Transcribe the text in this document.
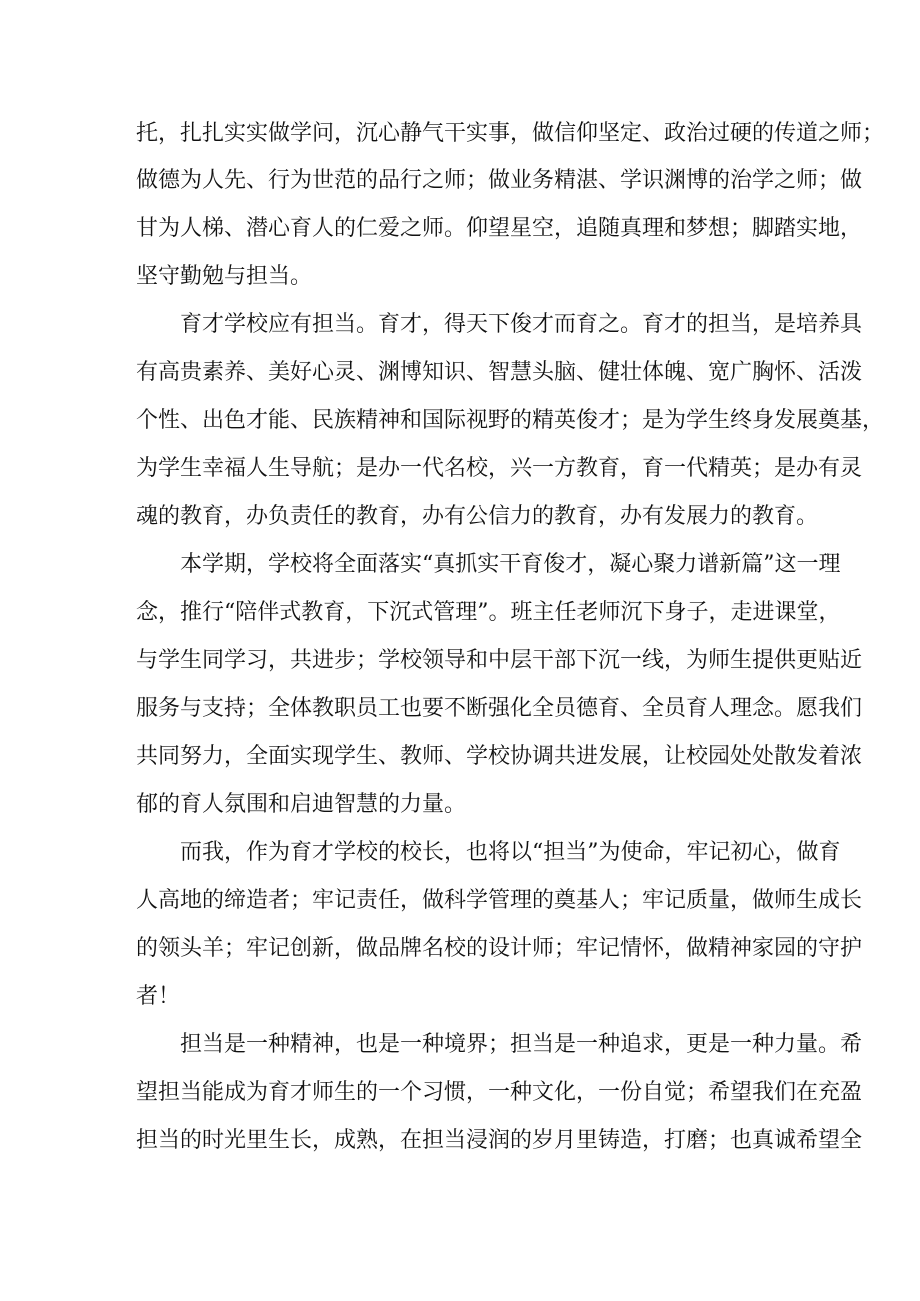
托，扎扎实实做学问，沉心静气干实事，做信仰坚定、政治过硬的传道之师；

做德为人先、行为世范的品行之师；做业务精湛、学识渊博的治学之师；做

甘为人梯、潜心育人的仁爱之师。仰望星空，追随真理和梦想；脚踏实地，

坚守勤勉与担当。

育才学校应有担当。育才，得天下俊才而育之。育才的担当，是培养具

有高贵素养、美好心灵、渊博知识、智慧头脑、健壮体魄、宽广胸怀、活泼

个性、出色才能、民族精神和国际视野的精英俊才；是为学生终身发展奠基，

为学生幸福人生导航；是办一代名校，兴一方教育，育一代精英；是办有灵

魂的教育，办负责任的教育，办有公信力的教育，办有发展力的教育。

本学期，学校将全面落实“真抓实干育俊才，凝心聚力谱新篇”这一理

念，推行“陪伴式教育，下沉式管理”。班主任老师沉下身子，走进课堂，

与学生同学习，共进步；学校领导和中层干部下沉一线，为师生提供更贴近

服务与支持；全体教职员工也要不断强化全员德育、全员育人理念。愿我们

共同努力，全面实现学生、教师、学校协调共进发展，让校园处处散发着浓

郁的育人氛围和启迪智慧的力量。

而我，作为育才学校的校长，也将以“担当”为使命，牢记初心，做育

人高地的缔造者；牢记责任，做科学管理的奠基人；牢记质量，做师生成长

的领头羊；牢记创新，做品牌名校的设计师；牢记情怀，做精神家园的守护

者！

担当是一种精神，也是一种境界；担当是一种追求，更是一种力量。希

望担当能成为育才师生的一个习惯，一种文化，一份自觉；希望我们在充盈

担当的时光里生长，成熟，在担当浸润的岁月里铸造，打磨；也真诚希望全
